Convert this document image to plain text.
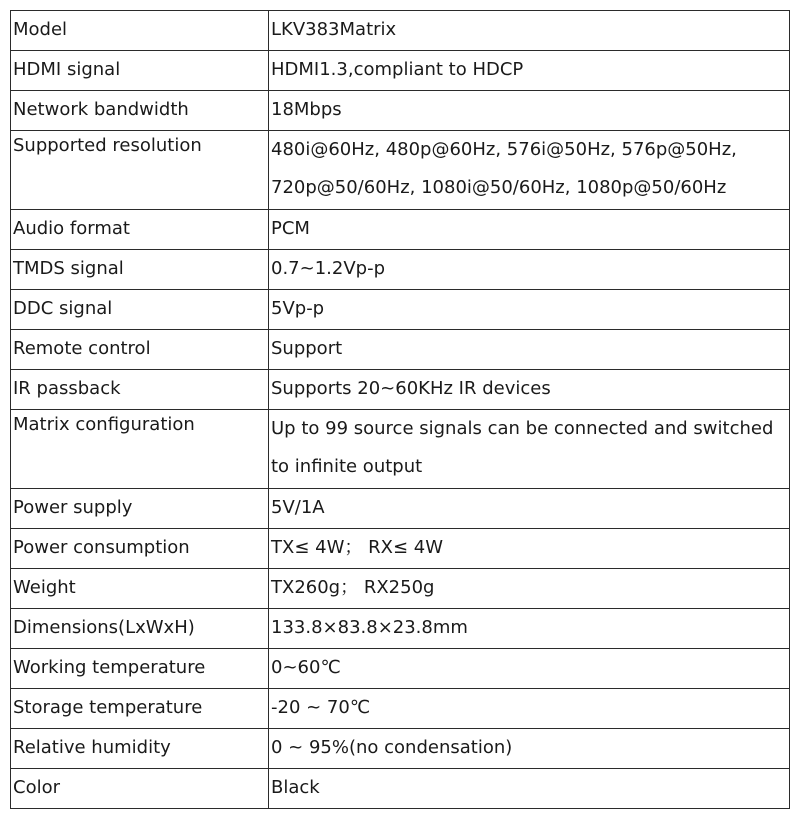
Model	LKV383Matrix
HDMI signal	HDMI1.3,compliant to HDCP
Network bandwidth	18Mbps
Supported resolution	480i@60Hz, 480p@60Hz, 576i@50Hz, 576p@50Hz, 720p@50/60Hz, 1080i@50/60Hz, 1080p@50/60Hz
Audio format	PCM
TMDS signal	0.7~1.2Vp-p
DDC signal	5Vp-p
Remote control	Support
IR passback	Supports 20~60KHz IR devices
Matrix configuration	Up to 99 source signals can be connected and switched to infinite output
Power supply	5V/1A
Power consumption	TX≤ 4W； RX≤ 4W
Weight	TX260g； RX250g
Dimensions(LxWxH)	133.8×83.8×23.8mm
Working temperature	0~60℃
Storage temperature	-20 ~ 70℃
Relative humidity	0 ~ 95%(no condensation)
Color	Black
